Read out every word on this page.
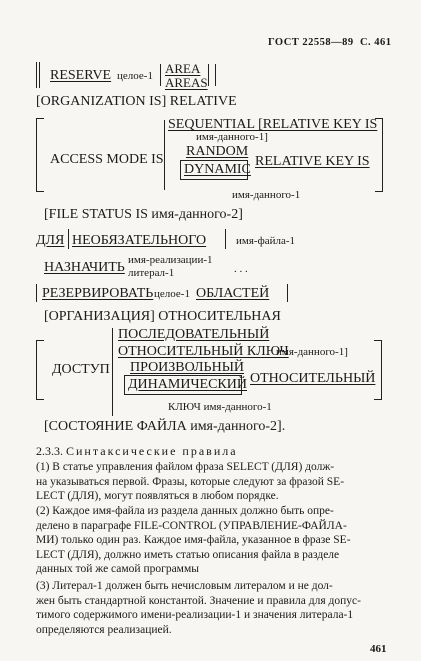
ГОСТ 22558—89 С. 461
RESERVE целое-1 AREA
AREAS
[ORGANIZATION IS] RELATIVE
SEQUENTIAL [RELATIVE KEY IS
имя-данного-1]
RANDOM
DYNAMIC
RELATIVE KEY IS
ACCESS MODE IS
имя-данного-1
[FILE STATUS IS имя-данного-2]
ДЛЯ НЕОБЯЗАТЕЛЬНОГО	имя-файла-1
НАЗНАЧИТЬ имя-реализации-1
литерал-1	. . .
РЕЗЕРВИРОВАТЬ целое-1 ОБЛАСТЕЙ
[ОРГАНИЗАЦИЯ] ОТНОСИТЕЛЬНАЯ
ПОСЛЕДОВАТЕЛЬНЫЙ
ОТНОСИТЕЛЬНЫЙ КЛЮЧ
имя-данного-1]
ПРОИЗВОЛЬНЫЙ
ДИНАМИЧЕСКИЙ ОТНОСИТЕЛЬНЫЙ
ДОСТУП
КЛЮЧ имя-данного-1
[СОСТОЯНИЕ ФАЙЛА имя-данного-2].
2.3.3. Синтаксические правила
(1) В статье управления файлом фраза SELECT (ДЛЯ) долж-
на указываться первой. Фразы, которые следуют за фразой SE-
LECT (ДЛЯ), могут появляться в любом порядке.
(2) Каждое имя-файла из раздела данных должно быть опре-
делено в параграфе FILE-CONTROL (УПРАВЛЕНИЕ-ФАЙЛА-
МИ) только один раз. Каждое имя-файла, указанное в фразе SE-
LECT (ДЛЯ), должно иметь статью описания файла в разделе
данных той же самой программы
(3) Литерал-1 должен быть нечисловым литералом и не дол-
жен быть стандартной константой. Значение и правила для допус-
тимого содержимого имени-реализации-1 и значения литерала-1
определяются реализацией.
461
